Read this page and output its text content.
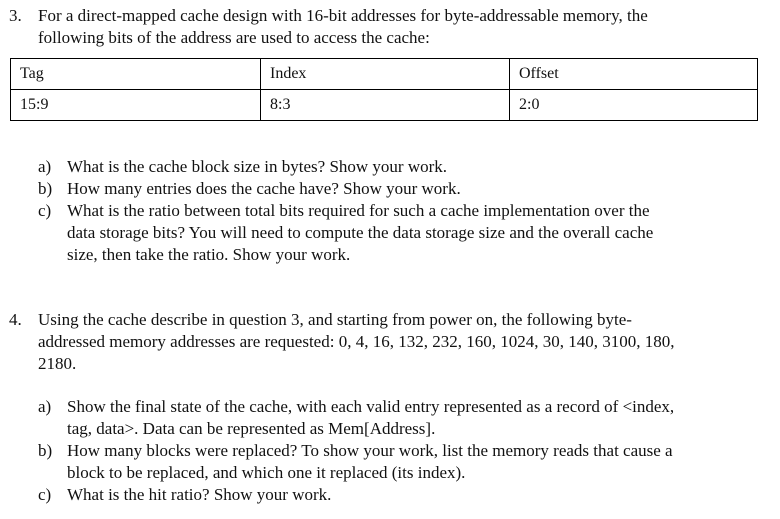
3. For a direct-mapped cache design with 16-bit addresses for byte-addressable memory, the
following bits of the address are used to access the cache:
Tag	Index	Offset
15:9	8:3	2:0
a) What is the cache block size in bytes? Show your work.
b) How many entries does the cache have? Show your work.
c) What is the ratio between total bits required for such a cache implementation over the
data storage bits? You will need to compute the data storage size and the overall cache
size, then take the ratio. Show your work.
4. Using the cache describe in question 3, and starting from power on, the following byte-
addressed memory addresses are requested: 0, 4, 16, 132, 232, 160, 1024, 30, 140, 3100, 180,
2180.
a) Show the final state of the cache, with each valid entry represented as a record of <index,
tag, data>. Data can be represented as Mem[Address].
b) How many blocks were replaced? To show your work, list the memory reads that cause a
block to be replaced, and which one it replaced (its index).
c) What is the hit ratio? Show your work.
